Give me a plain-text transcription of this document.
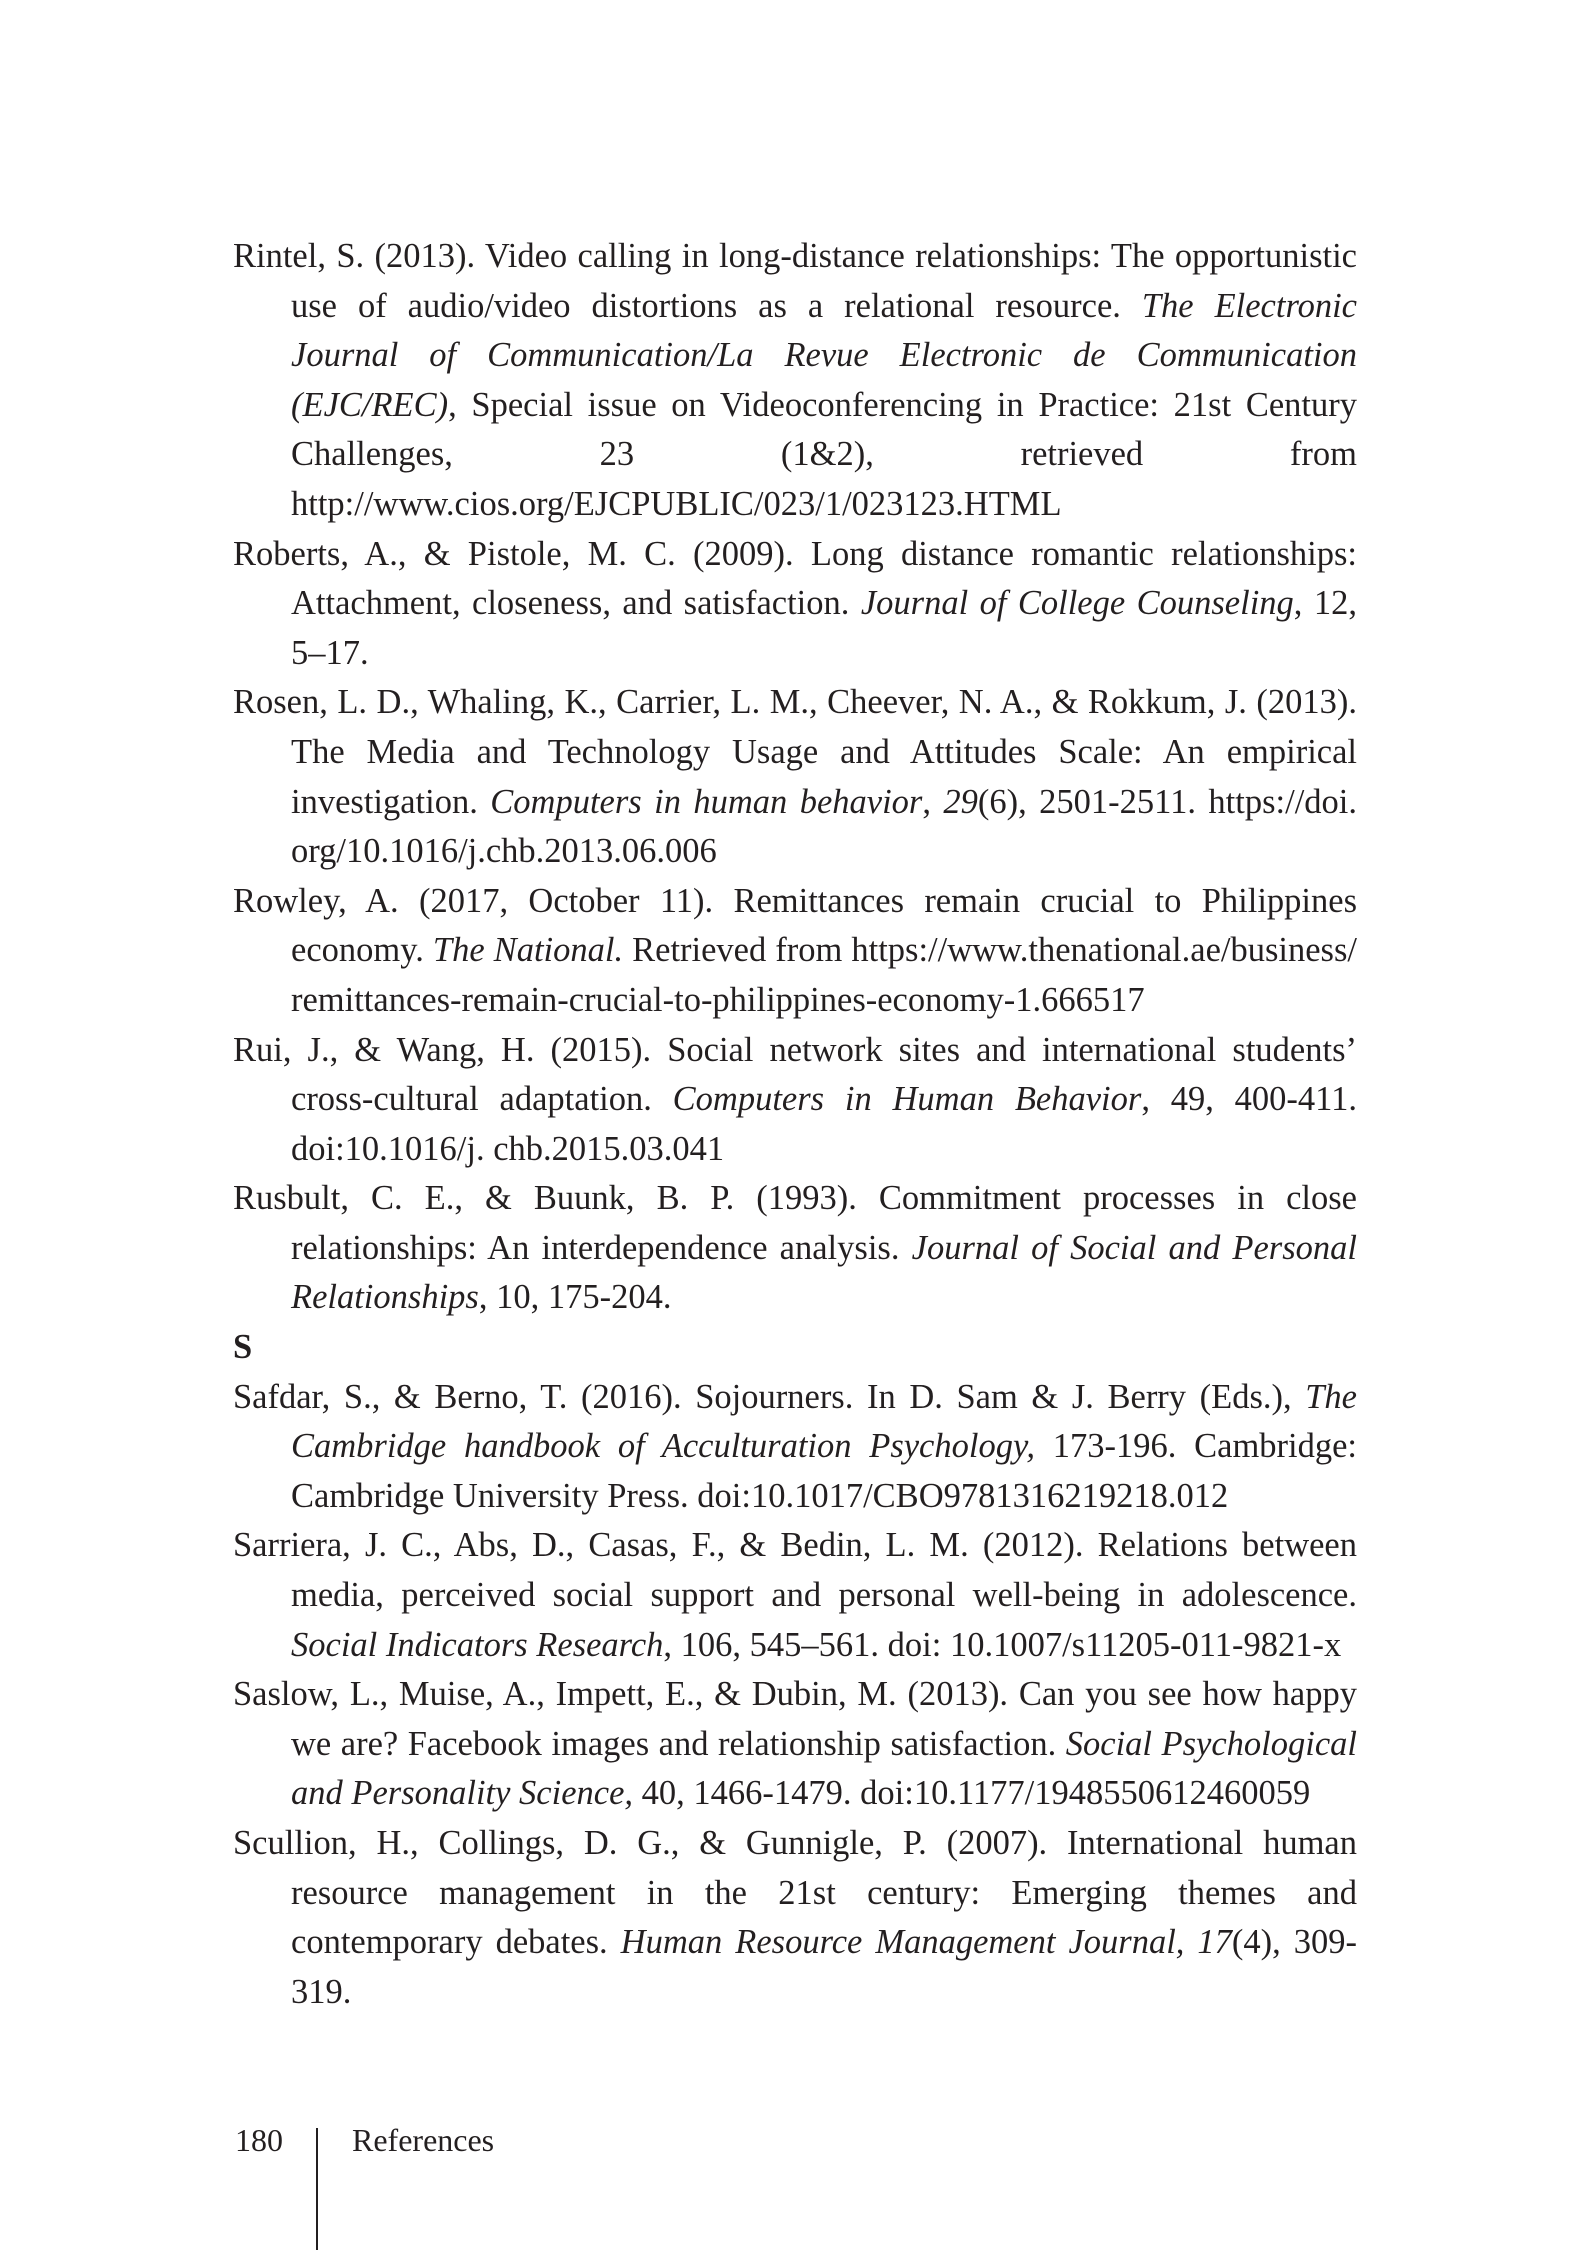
Rintel, S. (2013). Video calling in long-distance relationships: The opportunistic use of audio/video distortions as a relational resource. The Electronic Journal of Communication/La Revue Electronic de Communication (EJC/REC), Special issue on Videoconferencing in Practice: 21st Century Challenges, 23 (1&2), retrieved from http://www.cios.org/EJCPUBLIC/023/1/023123.HTML

Roberts, A., & Pistole, M. C. (2009). Long distance romantic relationships: Attachment, closeness, and satisfaction. Journal of College Counseling, 12, 5–17.

Rosen, L. D., Whaling, K., Carrier, L. M., Cheever, N. A., & Rokkum, J. (2013). The Media and Technology Usage and Attitudes Scale: An empirical investigation. Computers in human behavior, 29(6), 2501-2511. https://doi. org/10.1016/j.chb.2013.06.006

Rowley, A. (2017, October 11). Remittances remain crucial to Philippines economy. The National. Retrieved from https://www.thenational.ae/business/ remittances-remain-crucial-to-philippines-economy-1.666517

Rui, J., & Wang, H. (2015). Social network sites and international students’ cross-cultural adaptation. Computers in Human Behavior, 49, 400-411. doi:10.1016/j. chb.2015.03.041

Rusbult, C. E., & Buunk, B. P. (1993). Commitment processes in close relationships: An interdependence analysis. Journal of Social and Personal Relationships, 10, 175-204.

S

Safdar, S., & Berno, T. (2016). Sojourners. In D. Sam & J. Berry (Eds.), The Cambridge handbook of Acculturation Psychology, 173-196. Cambridge: Cambridge University Press. doi:10.1017/CBO9781316219218.012

Sarriera, J. C., Abs, D., Casas, F., & Bedin, L. M. (2012). Relations between media, perceived social support and personal well-being in adolescence. Social Indicators Research, 106, 545–561. doi: 10.1007/s11205-011-9821-x

Saslow, L., Muise, A., Impett, E., & Dubin, M. (2013). Can you see how happy we are? Facebook images and relationship satisfaction. Social Psychological and Personality Science, 40, 1466-1479. doi:10.1177/1948550612460059

Scullion, H., Collings, D. G., & Gunnigle, P. (2007). International human resource management in the 21st century: Emerging themes and contemporary debates. Human Resource Management Journal, 17(4), 309-319.

180 References
